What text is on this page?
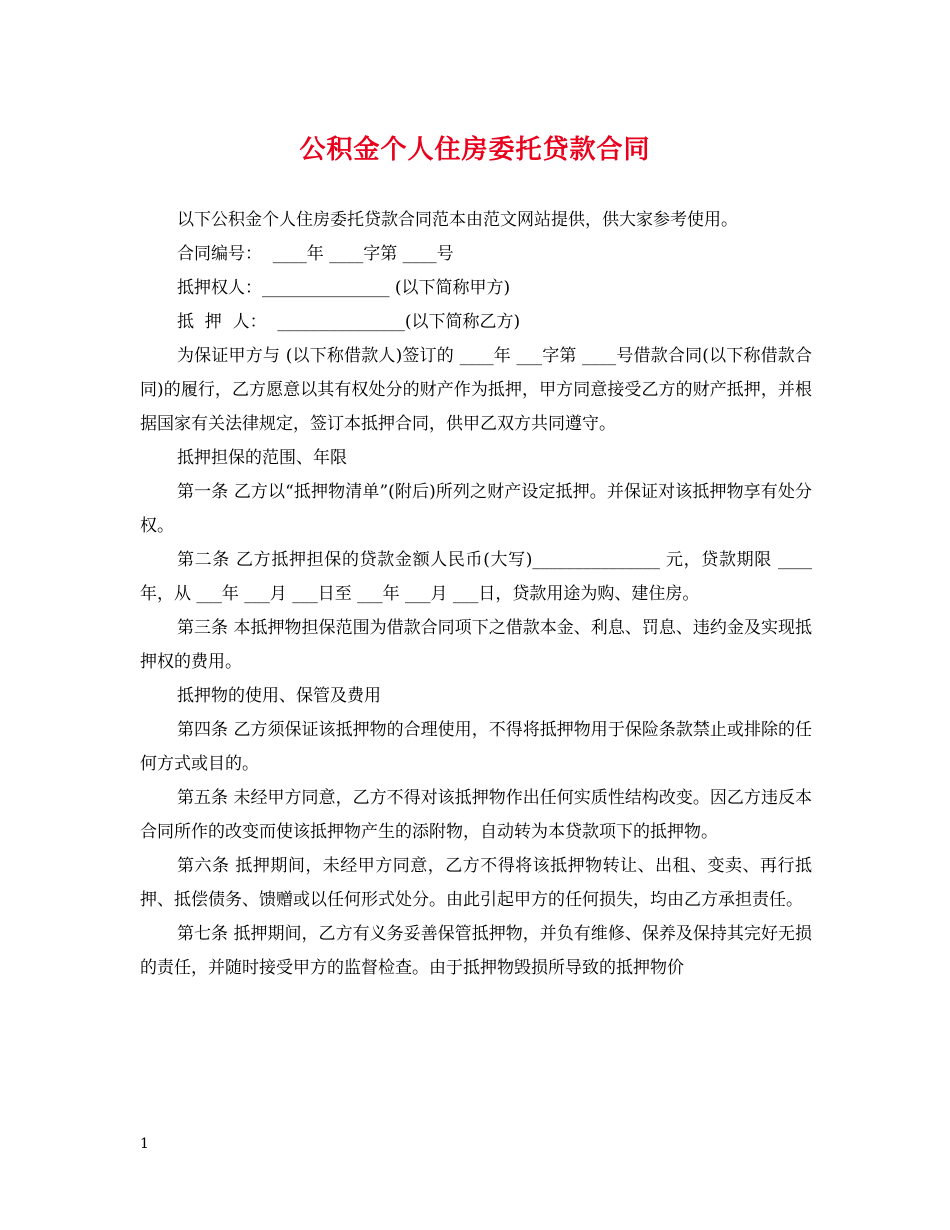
公积金个人住房委托贷款合同

以下公积金个人住房委托贷款合同范本由范文网站提供，供大家参考使用。

合同编号：  ____年 ____字第 ____号

抵押权人：_______________ (以下简称甲方)

抵  押  人：  _______________(以下简称乙方)

为保证甲方与 (以下称借款人)签订的 ____年 ___字第 ____号借款合同(以下称借款合同)的履行，乙方愿意以其有权处分的财产作为抵押，甲方同意接受乙方的财产抵押，并根据国家有关法律规定，签订本抵押合同，供甲乙双方共同遵守。

抵押担保的范围、年限

第一条 乙方以“抵押物清单”(附后)所列之财产设定抵押。并保证对该抵押物享有处分权。

第二条 乙方抵押担保的贷款金额人民币(大写)_______________ 元，贷款期限 ____年，从 ___年 ___月 ___日至 ___年 ___月 ___日，贷款用途为购、建住房。

第三条 本抵押物担保范围为借款合同项下之借款本金、利息、罚息、违约金及实现抵押权的费用。

抵押物的使用、保管及费用

第四条 乙方须保证该抵押物的合理使用，不得将抵押物用于保险条款禁止或排除的任何方式或目的。

第五条 未经甲方同意，乙方不得对该抵押物作出任何实质性结构改变。因乙方违反本合同所作的改变而使该抵押物产生的添附物，自动转为本贷款项下的抵押物。

第六条 抵押期间，未经甲方同意，乙方不得将该抵押物转让、出租、变卖、再行抵押、抵偿债务、馈赠或以任何形式处分。由此引起甲方的任何损失，均由乙方承担责任。

第七条 抵押期间，乙方有义务妥善保管抵押物，并负有维修、保养及保持其完好无损的责任，并随时接受甲方的监督检查。由于抵押物毁损所导致的抵押物价

1
